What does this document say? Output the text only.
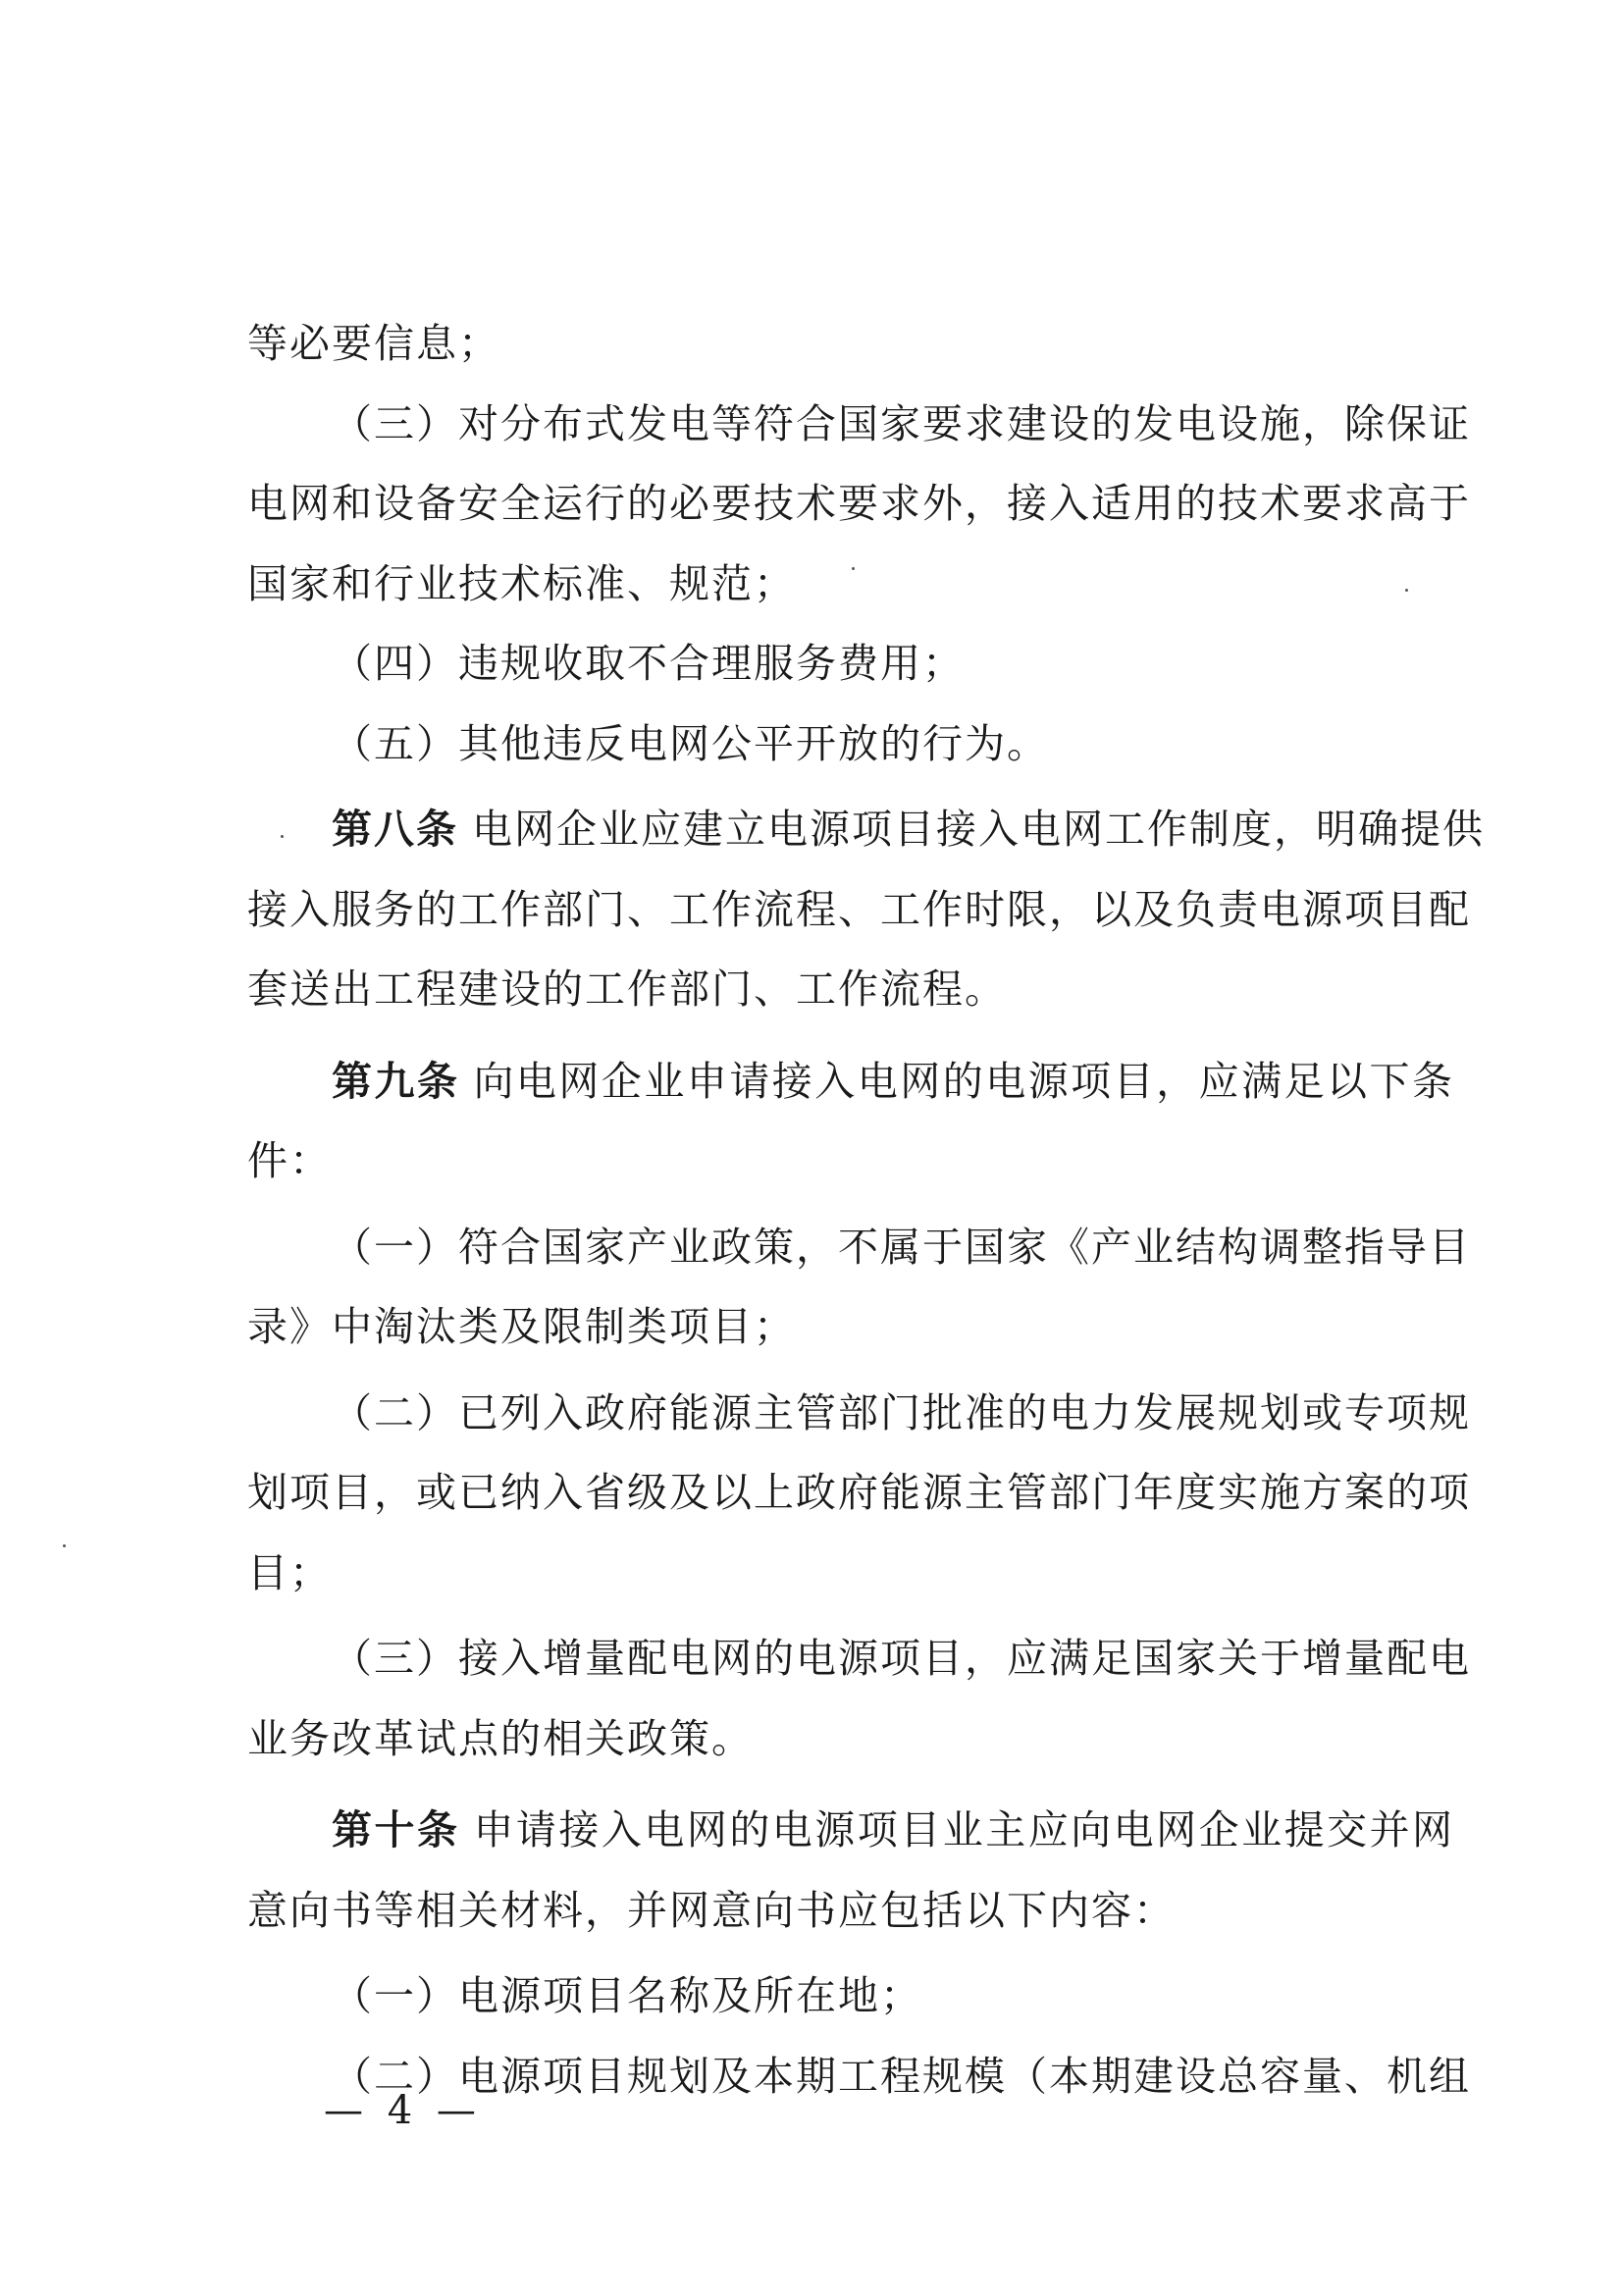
等必要信息；
（三）对分布式发电等符合国家要求建设的发电设施，除保证
电网和设备安全运行的必要技术要求外，接入适用的技术要求高于
国家和行业技术标准、规范；
（四）违规收取不合理服务费用；
（五）其他违反电网公平开放的行为。
第八条 电网企业应建立电源项目接入电网工作制度，明确提供
接入服务的工作部门、工作流程、工作时限，以及负责电源项目配
套送出工程建设的工作部门、工作流程。
第九条 向电网企业申请接入电网的电源项目，应满足以下条
件：
（一）符合国家产业政策，不属于国家《产业结构调整指导目
录》中淘汰类及限制类项目；
（二）已列入政府能源主管部门批准的电力发展规划或专项规
划项目，或已纳入省级及以上政府能源主管部门年度实施方案的项
目；
（三）接入增量配电网的电源项目，应满足国家关于增量配电
业务改革试点的相关政策。
第十条 申请接入电网的电源项目业主应向电网企业提交并网
意向书等相关材料，并网意向书应包括以下内容：
（一）电源项目名称及所在地；
（二）电源项目规划及本期工程规模（本期建设总容量、机组
— 4 —
